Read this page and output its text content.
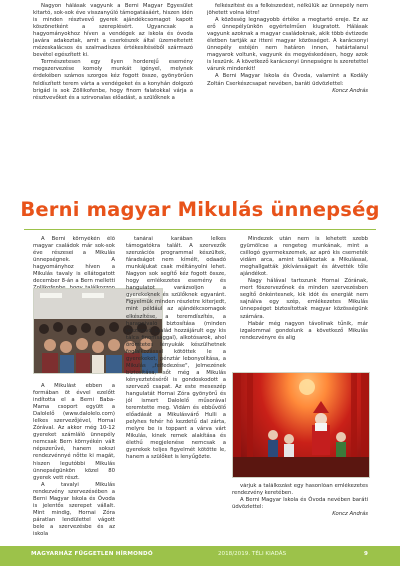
Nagyon hálásak vagyunk a Berni Magyar Egyesület kitartó, sok-sok éve visszanyúló támogatásáért, hiszen idén is minden résztvevő gyerek ajándékcsomagot kapott köszönetként a szereplésért. Ugyancsak a hagyományokhoz híven a vendégek az iskola és óvoda javára adakoztak, amit a cserkészek által üzemeltetett mézeskalácsos és szalmadíszes értékesítéséből származó bevétel egészített ki.

Természetesen egy ilyen horderejű esemény megszervezése komoly munkát igényel, melynek érdekében számos szorgos kéz fogott össze, gyönyörűen feldíszített terem várta a vendégeket és a konyhán dolgozó brigád is sok Zöllikofenbe, hogy finom falatokkal várja a résztvevőket és a szirvonalas előadást, a szülőknek a

felkészítést és a felkészedést, nélkülük az ünnepély nem jöhetett volna létre!

A közösség legnagyobb értéke a megtartó ereje. Ez az erő ünnepélyünkön egyértelműen kiugratott. Hálásak vagyunk azoknak a magyar családoknak, akik több évtizede életben tartják az itteni magyar közösséget. A karácsonyi ünnepély estéjén nem határon innen, határtalanul magyarok voltunk, vagyunk és megyéskedésen, hogy azok is leszünk. A következő karácsonyi ünnepségre is szeretettel várunk mindenkit!

A Berni Magyar Iskola és Óvoda, valamint a Kodály Zoltán Cserkészcsapat nevében, baráti üdvözlettel:

Koncz András

Berni magyar Mikulás ünnepség

A Berni környékén élő magyar családok már sok-sok éve részesei a Mikulás ünnepségnek. A hagyományhoz híven a Mikulás tavaly is ellátogatott december 8-án a Bern melletti

A Mikulást ebben a formában öt évvel ezelőtt indította el a Berni Baba-Mama csoport együtt a Dalolelő (www.dalolelo.com) lelkes szervezőjével, Hornai Zórával. Az akkor még 10-12 gyereket számláló ünnepély nemcsak Bern környékén vált népszerűvé, hanem sokszi rendezvénnyé nőtte ki magát, hiszen legutóbbi Mikulás ünnepségünkön közel 80 gyerek vett részt.

A tavalyi Mikulás rendezvény szervezésében a Berni Magyar Iskola és Óvoda is jelentős szerepet vállalt. Mint mindig, Hornai Zóra páratlan lendülettel vágott bele a szervezésbe és az iskola

tanárai karában lelkes támogatókra talált. A szervezők szenzációs programmal készültek, fáradságot nem kímélt, odaadó munkájukat csak méltányolni lehet. Nagyon sok segítő kéz fogott össze, hogy emlékezetes esemény és hangulatot varázsoljon a gyerekeknek és szülőknek egyaránt. Figyelmük minden részletre kiterjedt, mint például az ajándékcsomagok elkészítése, a teremdíszítés, a harapnivaló biztosítása (minden résztvevő család hozzájárult egy kis tálca finomsággal), alkotósarok, ahol örömtetes lényukák készülhetnek foglalkozással kötöttek le a gyerekeket, pénztár lebonyolítása, a Mikulás „felfedezése", jelmezének biztosítása, sőt még a Mikulás kényeztetéséről is gondoskodott a szervező csapat. Az este meseszép hangulatát Hornai Zóra gyönyörű és jól ismert Dalolelő műsorával teremtette meg. Vidám és ebbűvölő előadását a Mikulásvárő Hulli a pelyhes fehér hó kezdetű dal zárta, melyre be is toppant a várva várt Mikulás, kinek remek alakítása és élethű megjelenése nemcsak a gyerekek teljes figyelmét kötötte le, hanem a szülőket is lenyűgözte.

Mindezek után nem is lehetett szebb gyümölcse a rengeteg munkának, mint a csillogó gyermekszemek, az apró kis csemeték vidám arca, amint találkoztak a Mikulással, meghallgatták jókívánságait és átvették tőle ajándékot.

Nagy hálával tartozunk Hornai Zórának, mert fószervezőnek és minden szervezésben segítő önkéntesnek, kik idót és energiát nem sajnálva egy szép, emlékezetes Mikulás ünnepséget biztosítottak magyar közösségünk számára.

Habár még nagyon távolinak tűnik, már izgalommal gondolunk a következő Mikulás rendezvényre és alig

várjuk a találkozást egy hasonlóan emlékezetes rendezvény keretében.

A Berni Magyar Iskola és Óvoda nevében baráti üdvözlettel:

Koncz András

MAGYARHÁZ FÜGGETLEN HÍRMONDÓ	2018/2019. TÉLI KIADÁS	9
